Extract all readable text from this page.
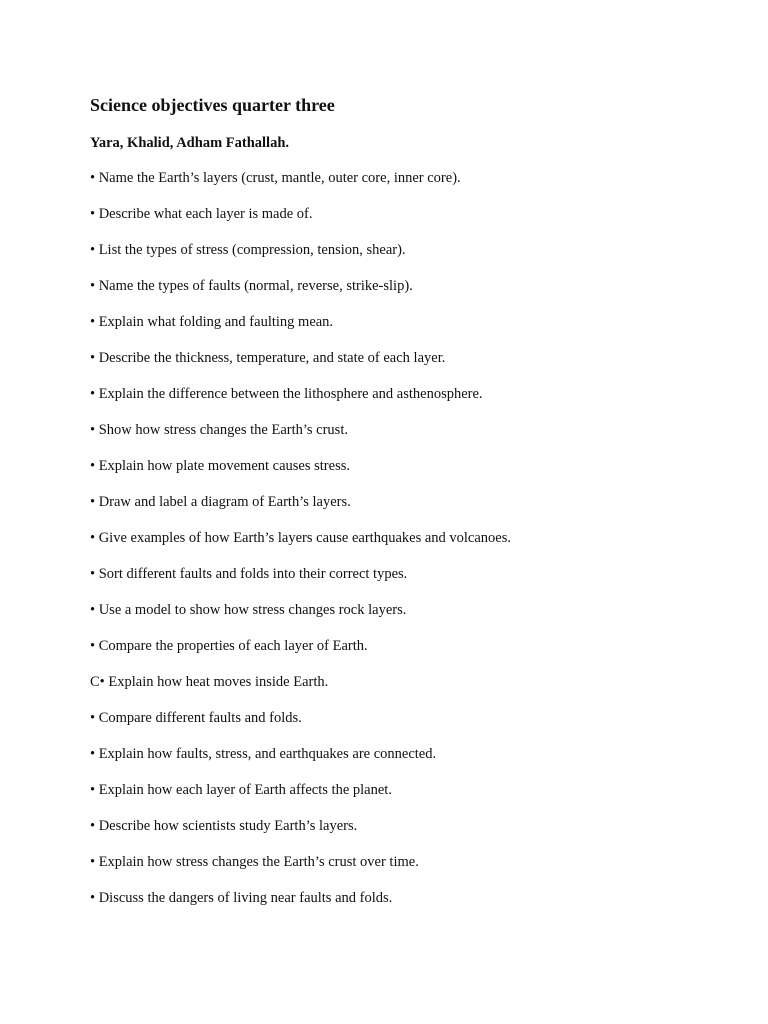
Science objectives quarter three
Yara, Khalid, Adham Fathallah.
• Name the Earth’s layers (crust, mantle, outer core, inner core).
• Describe what each layer is made of.
• List the types of stress (compression, tension, shear).
• Name the types of faults (normal, reverse, strike-slip).
• Explain what folding and faulting mean.
• Describe the thickness, temperature, and state of each layer.
• Explain the difference between the lithosphere and asthenosphere.
• Show how stress changes the Earth’s crust.
• Explain how plate movement causes stress.
• Draw and label a diagram of Earth’s layers.
• Give examples of how Earth’s layers cause earthquakes and volcanoes.
• Sort different faults and folds into their correct types.
• Use a model to show how stress changes rock layers.
• Compare the properties of each layer of Earth.
C• Explain how heat moves inside Earth.
• Compare different faults and folds.
• Explain how faults, stress, and earthquakes are connected.
• Explain how each layer of Earth affects the planet.
• Describe how scientists study Earth’s layers.
• Explain how stress changes the Earth’s crust over time.
• Discuss the dangers of living near faults and folds.
